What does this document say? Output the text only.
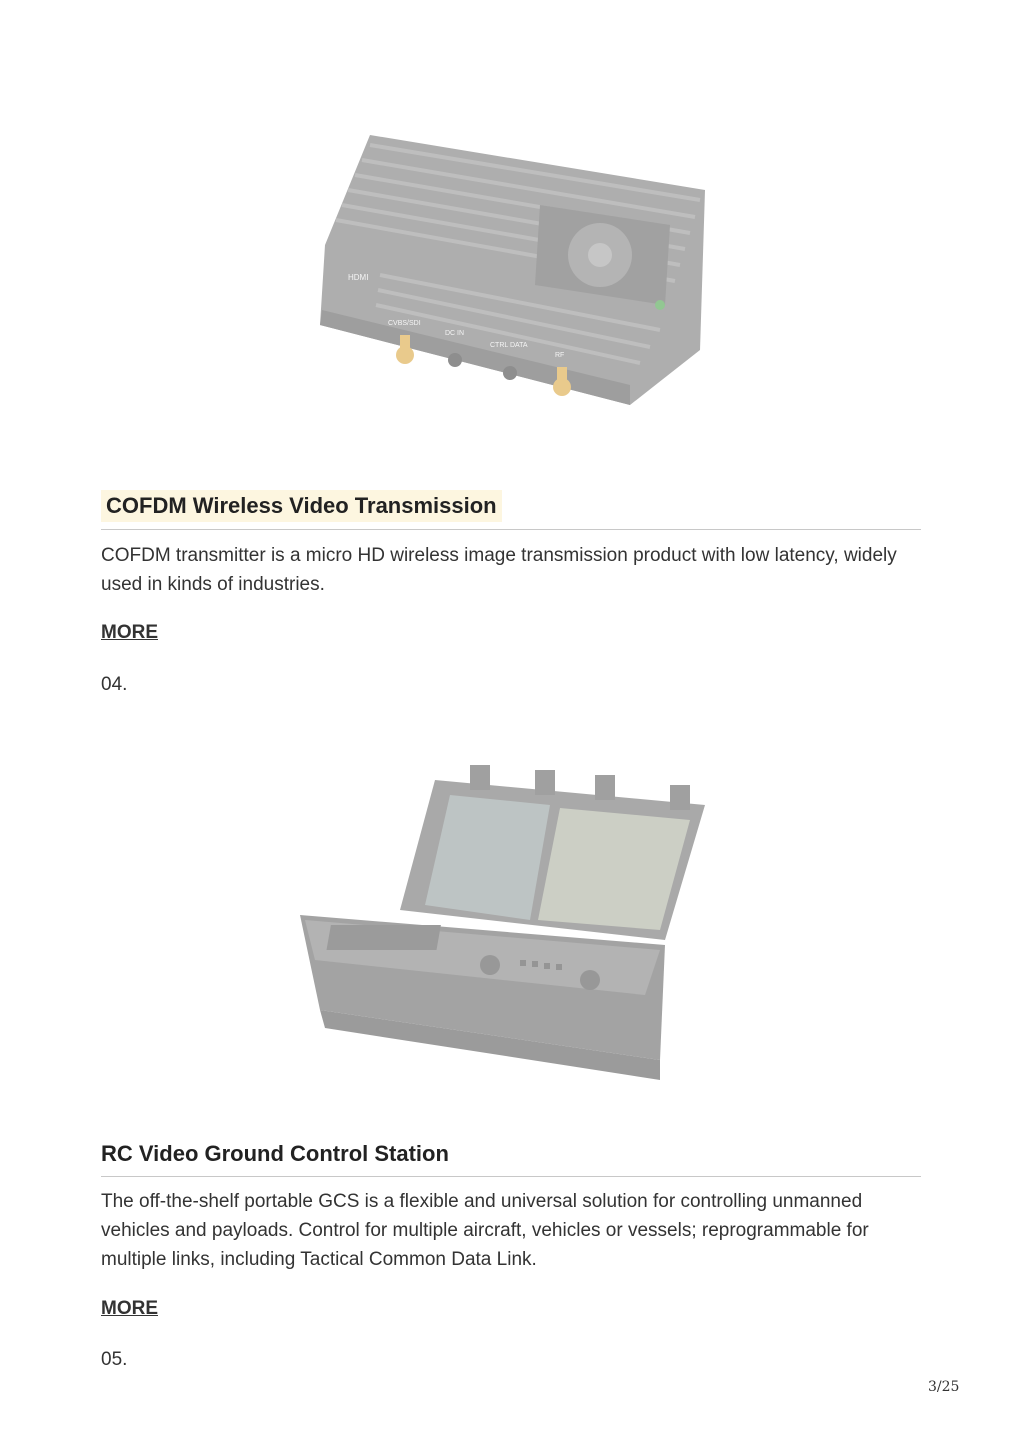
HDMI
CVBS/SDI
DC IN
CTRL DATA
RF
COFDM Wireless Video Transmission

COFDM transmitter is a micro HD wireless image transmission product with low latency, widely used in kinds of industries.

MORE
04.
RC Video Ground Control Station

The off-the-shelf portable GCS is a flexible and universal solution for controlling unmanned vehicles and payloads. Control for multiple aircraft, vehicles or vessels; reprogrammable for multiple links, including Tactical Common Data Link.

MORE
05.
3/25
